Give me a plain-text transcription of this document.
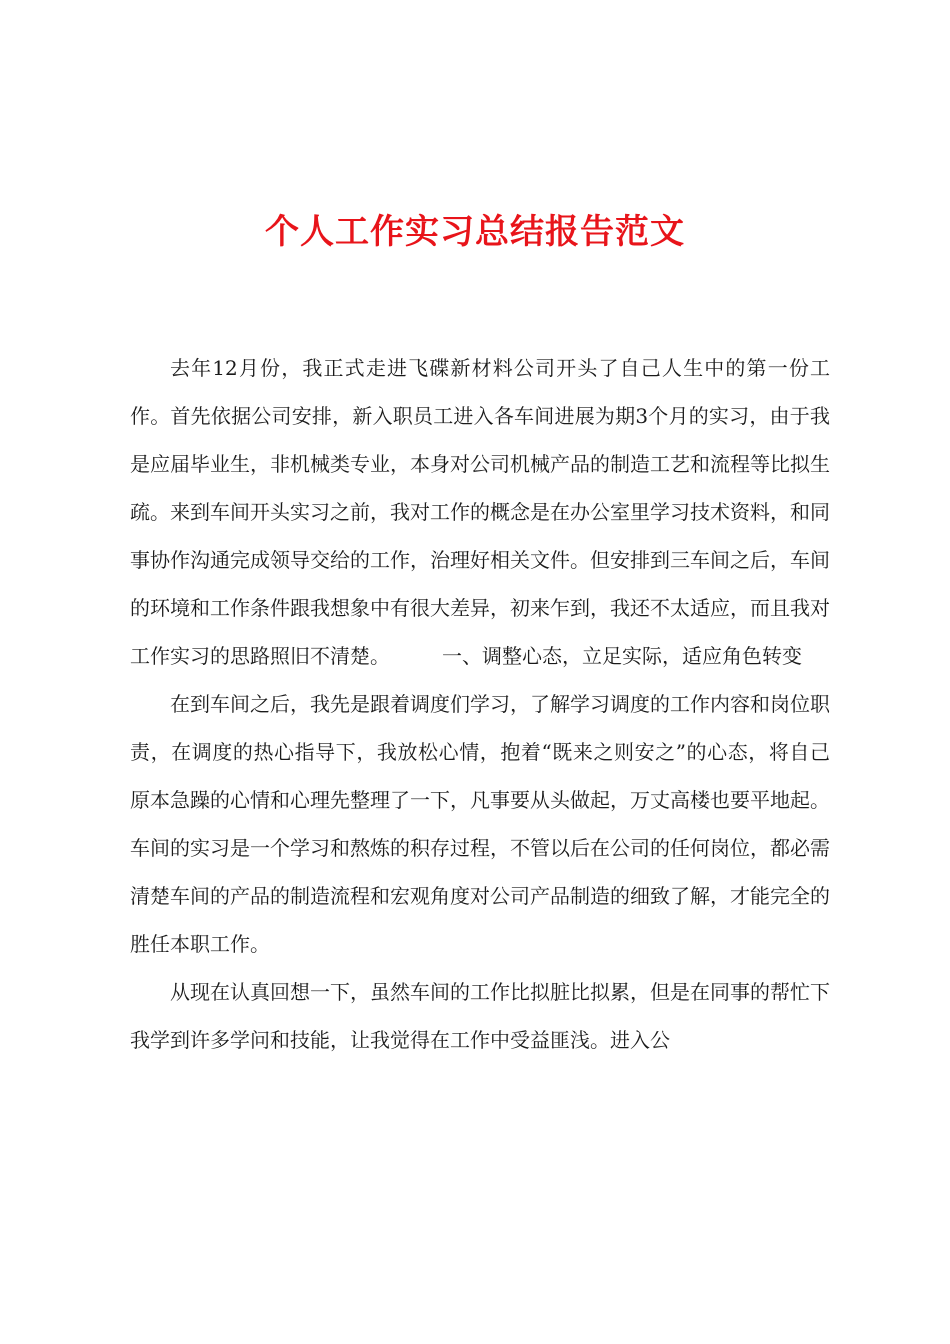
个人工作实习总结报告范文

去年12月份，我正式走进飞碟新材料公司开头了自己人生中的第一份工作。首先依据公司安排，新入职员工进入各车间进展为期3个月的实习，由于我是应届毕业生，非机械类专业，本身对公司机械产品的制造工艺和流程等比拟生疏。来到车间开头实习之前，我对工作的概念是在办公室里学习技术资料，和同事协作沟通完成领导交给的工作，治理好相关文件。但安排到三车间之后，车间的环境和工作条件跟我想象中有很大差异，初来乍到，我还不太适应，而且我对工作实习的思路照旧不清楚。	一、调整心态，立足实际，适应角色转变

在到车间之后，我先是跟着调度们学习，了解学习调度的工作内容和岗位职责，在调度的热心指导下，我放松心情，抱着“既来之则安之”的心态，将自己原本急躁的心情和心理先整理了一下，凡事要从头做起，万丈高楼也要平地起。车间的实习是一个学习和熬炼的积存过程，不管以后在公司的任何岗位，都必需清楚车间的产品的制造流程和宏观角度对公司产品制造的细致了解，才能完全的胜任本职工作。

从现在认真回想一下，虽然车间的工作比拟脏比拟累，但是在同事的帮忙下我学到许多学问和技能，让我觉得在工作中受益匪浅。进入公
